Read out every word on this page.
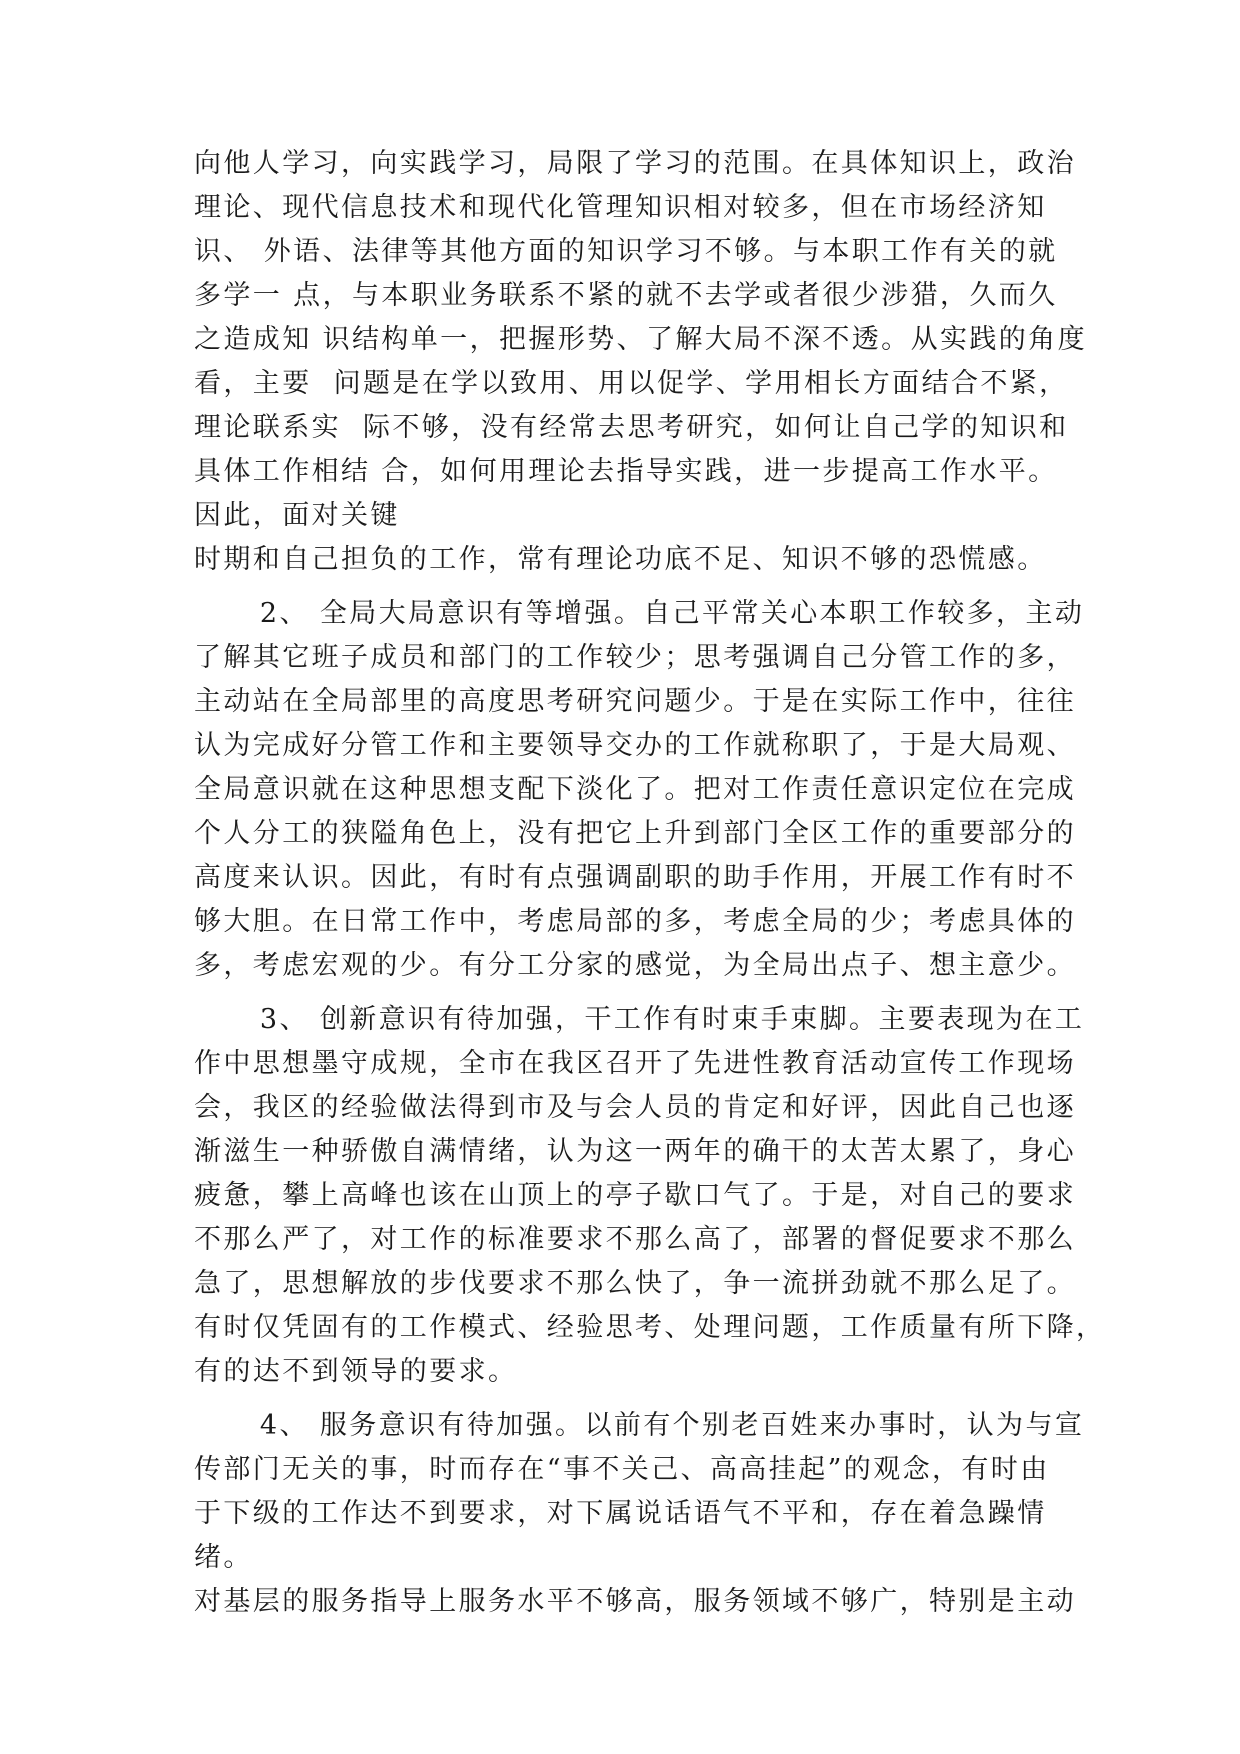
向他人学习，向实践学习，局限了学习的范围。在具体知识上，政治
理论、现代信息技术和现代化管理知识相对较多，但在市场经济知
识、 外语、法律等其他方面的知识学习不够。与本职工作有关的就
多学一 点，与本职业务联系不紧的就不去学或者很少涉猎，久而久
之造成知 识结构单一，把握形势、了解大局不深不透。从实践的角度
看，主要  问题是在学以致用、用以促学、学用相长方面结合不紧，
理论联系实  际不够，没有经常去思考研究，如何让自己学的知识和
具体工作相结 合，如何用理论去指导实践，进一步提高工作水平。
因此，面对关键
时期和自己担负的工作，常有理论功底不足、知识不够的恐慌感。
2、 全局大局意识有等增强。自己平常关心本职工作较多，主动
了解其它班子成员和部门的工作较少；思考强调自己分管工作的多，
主动站在全局部里的高度思考研究问题少。于是在实际工作中，往往
认为完成好分管工作和主要领导交办的工作就称职了，于是大局观、
全局意识就在这种思想支配下淡化了。把对工作责任意识定位在完成
个人分工的狭隘角色上，没有把它上升到部门全区工作的重要部分的
高度来认识。因此，有时有点强调副职的助手作用，开展工作有时不
够大胆。在日常工作中，考虑局部的多，考虑全局的少；考虑具体的
多，考虑宏观的少。有分工分家的感觉，为全局出点子、想主意少。
3、 创新意识有待加强，干工作有时束手束脚。主要表现为在工
作中思想墨守成规，全市在我区召开了先进性教育活动宣传工作现场
会，我区的经验做法得到市及与会人员的肯定和好评，因此自己也逐
渐滋生一种骄傲自满情绪，认为这一两年的确干的太苦太累了，身心
疲惫，攀上高峰也该在山顶上的亭子歇口气了。于是，对自己的要求
不那么严了，对工作的标准要求不那么高了，部署的督促要求不那么
急了，思想解放的步伐要求不那么快了，争一流拼劲就不那么足了。
有时仅凭固有的工作模式、经验思考、处理问题，工作质量有所下降，
有的达不到领导的要求。
4、 服务意识有待加强。以前有个别老百姓来办事时，认为与宣
传部门无关的事，时而存在“事不关己、高高挂起”的观念，有时由
于下级的工作达不到要求，对下属说话语气不平和，存在着急躁情
绪。
对基层的服务指导上服务水平不够高，服务领域不够广，特别是主动
